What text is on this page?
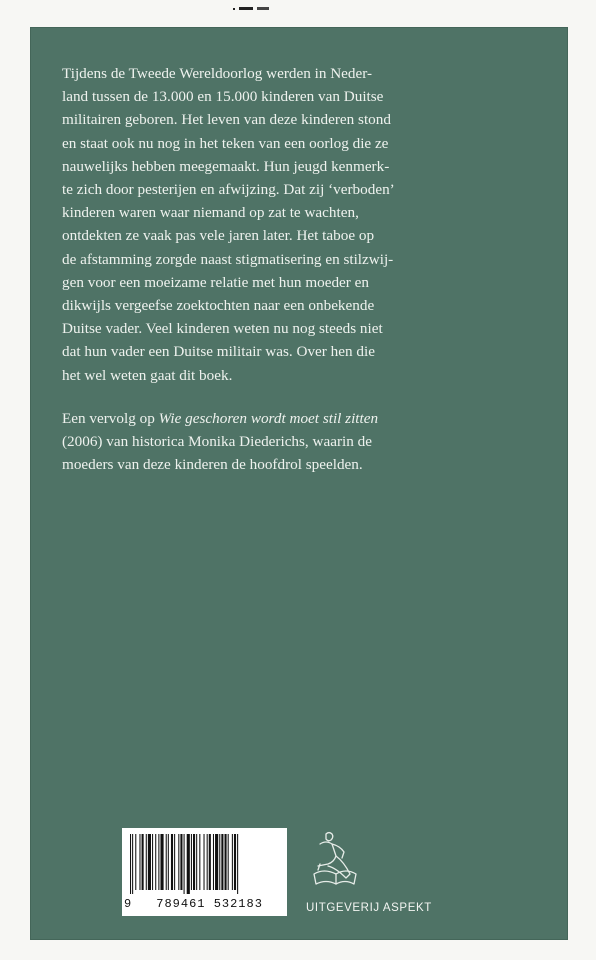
Tijdens de Tweede Wereldoorlog werden in Neder-

land tussen de 13.000 en 15.000 kinderen van Duitse

militairen geboren. Het leven van deze kinderen stond

en staat ook nu nog in het teken van een oorlog die ze

nauwelijks hebben meegemaakt. Hun jeugd kenmerk-

te zich door pesterijen en afwijzing. Dat zij ‘verboden’

kinderen waren waar niemand op zat te wachten,

ontdekten ze vaak pas vele jaren later. Het taboe op

de afstamming zorgde naast stigmatisering en stilzwij-

gen voor een moeizame relatie met hun moeder en

dikwijls vergeefse zoektochten naar een onbekende

Duitse vader. Veel kinderen weten nu nog steeds niet

dat hun vader een Duitse militair was. Over hen die

het wel weten gaat dit boek.

Een vervolg op Wie geschoren wordt moet stil zitten

(2006) van historica Monika Diederichs, waarin de

moeders van deze kinderen de hoofdrol speelden.

9	789461 532183	UITGEVERIJ ASPEKT
